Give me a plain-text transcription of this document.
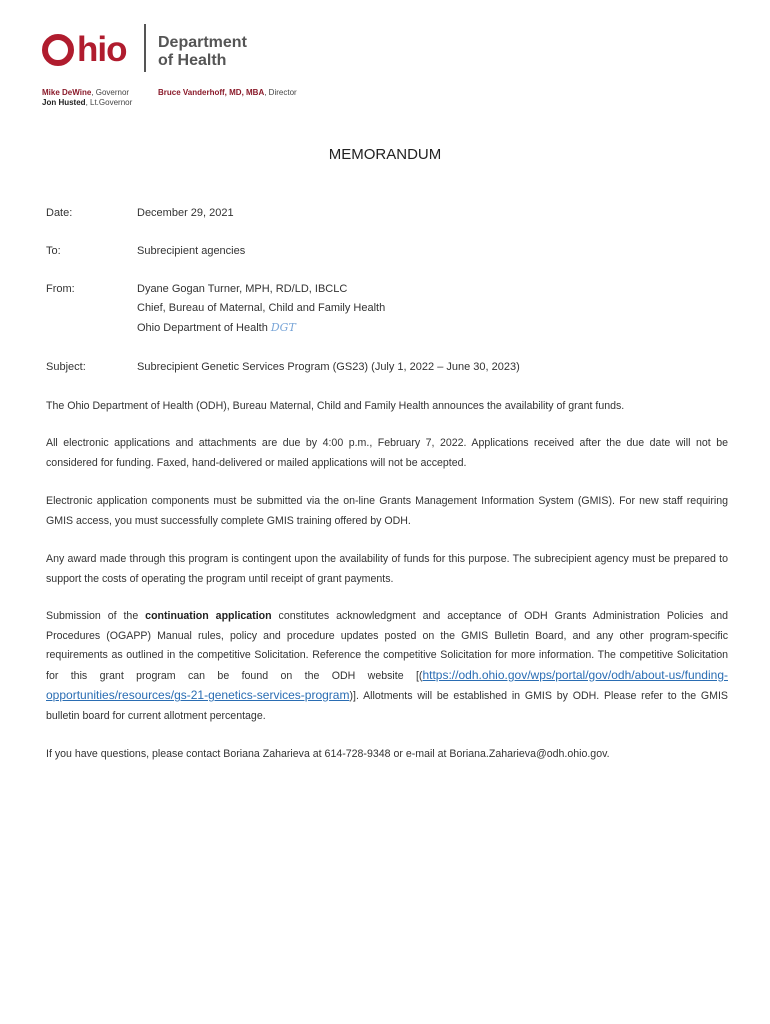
hio Department
of Health
Mike DeWine, Governor
Jon Husted, Lt.Governor
Bruce Vanderhoff, MD, MBA, Director
MEMORANDUM
Date:	December 29, 2021
To:	Subrecipient agencies
From:	Dyane Gogan Turner, MPH, RD/LD, IBCLC
Chief, Bureau of Maternal, Child and Family Health
Ohio Department of Health DGT
Subject:	Subrecipient Genetic Services Program (GS23) (July 1, 2022 – June 30, 2023)

The Ohio Department of Health (ODH), Bureau Maternal, Child and Family Health announces the availability of grant funds.

All electronic applications and attachments are due by 4:00 p.m., February 7, 2022. Applications received after the due date will not be considered for funding. Faxed, hand-delivered or mailed applications will not be accepted.

Electronic application components must be submitted via the on-line Grants Management Information System (GMIS). For new staff requiring GMIS access, you must successfully complete GMIS training offered by ODH.

Any award made through this program is contingent upon the availability of funds for this purpose. The subrecipient agency must be prepared to support the costs of operating the program until receipt of grant payments.

Submission of the continuation application constitutes acknowledgment and acceptance of ODH Grants Administration Policies and Procedures (OGAPP) Manual rules, policy and procedure updates posted on the GMIS Bulletin Board, and any other program-specific requirements as outlined in the competitive Solicitation. Reference the competitive Solicitation for more information. The competitive Solicitation for this grant program can be found on the ODH website [(https://odh.ohio.gov/wps/portal/gov/odh/about-us/funding-opportunities/resources/gs-21-genetics-services-program)]. Allotments will be established in GMIS by ODH. Please refer to the GMIS bulletin board for current allotment percentage.

If you have questions, please contact Boriana Zaharieva at 614-728-9348 or e-mail at Boriana.Zaharieva@odh.ohio.gov.
